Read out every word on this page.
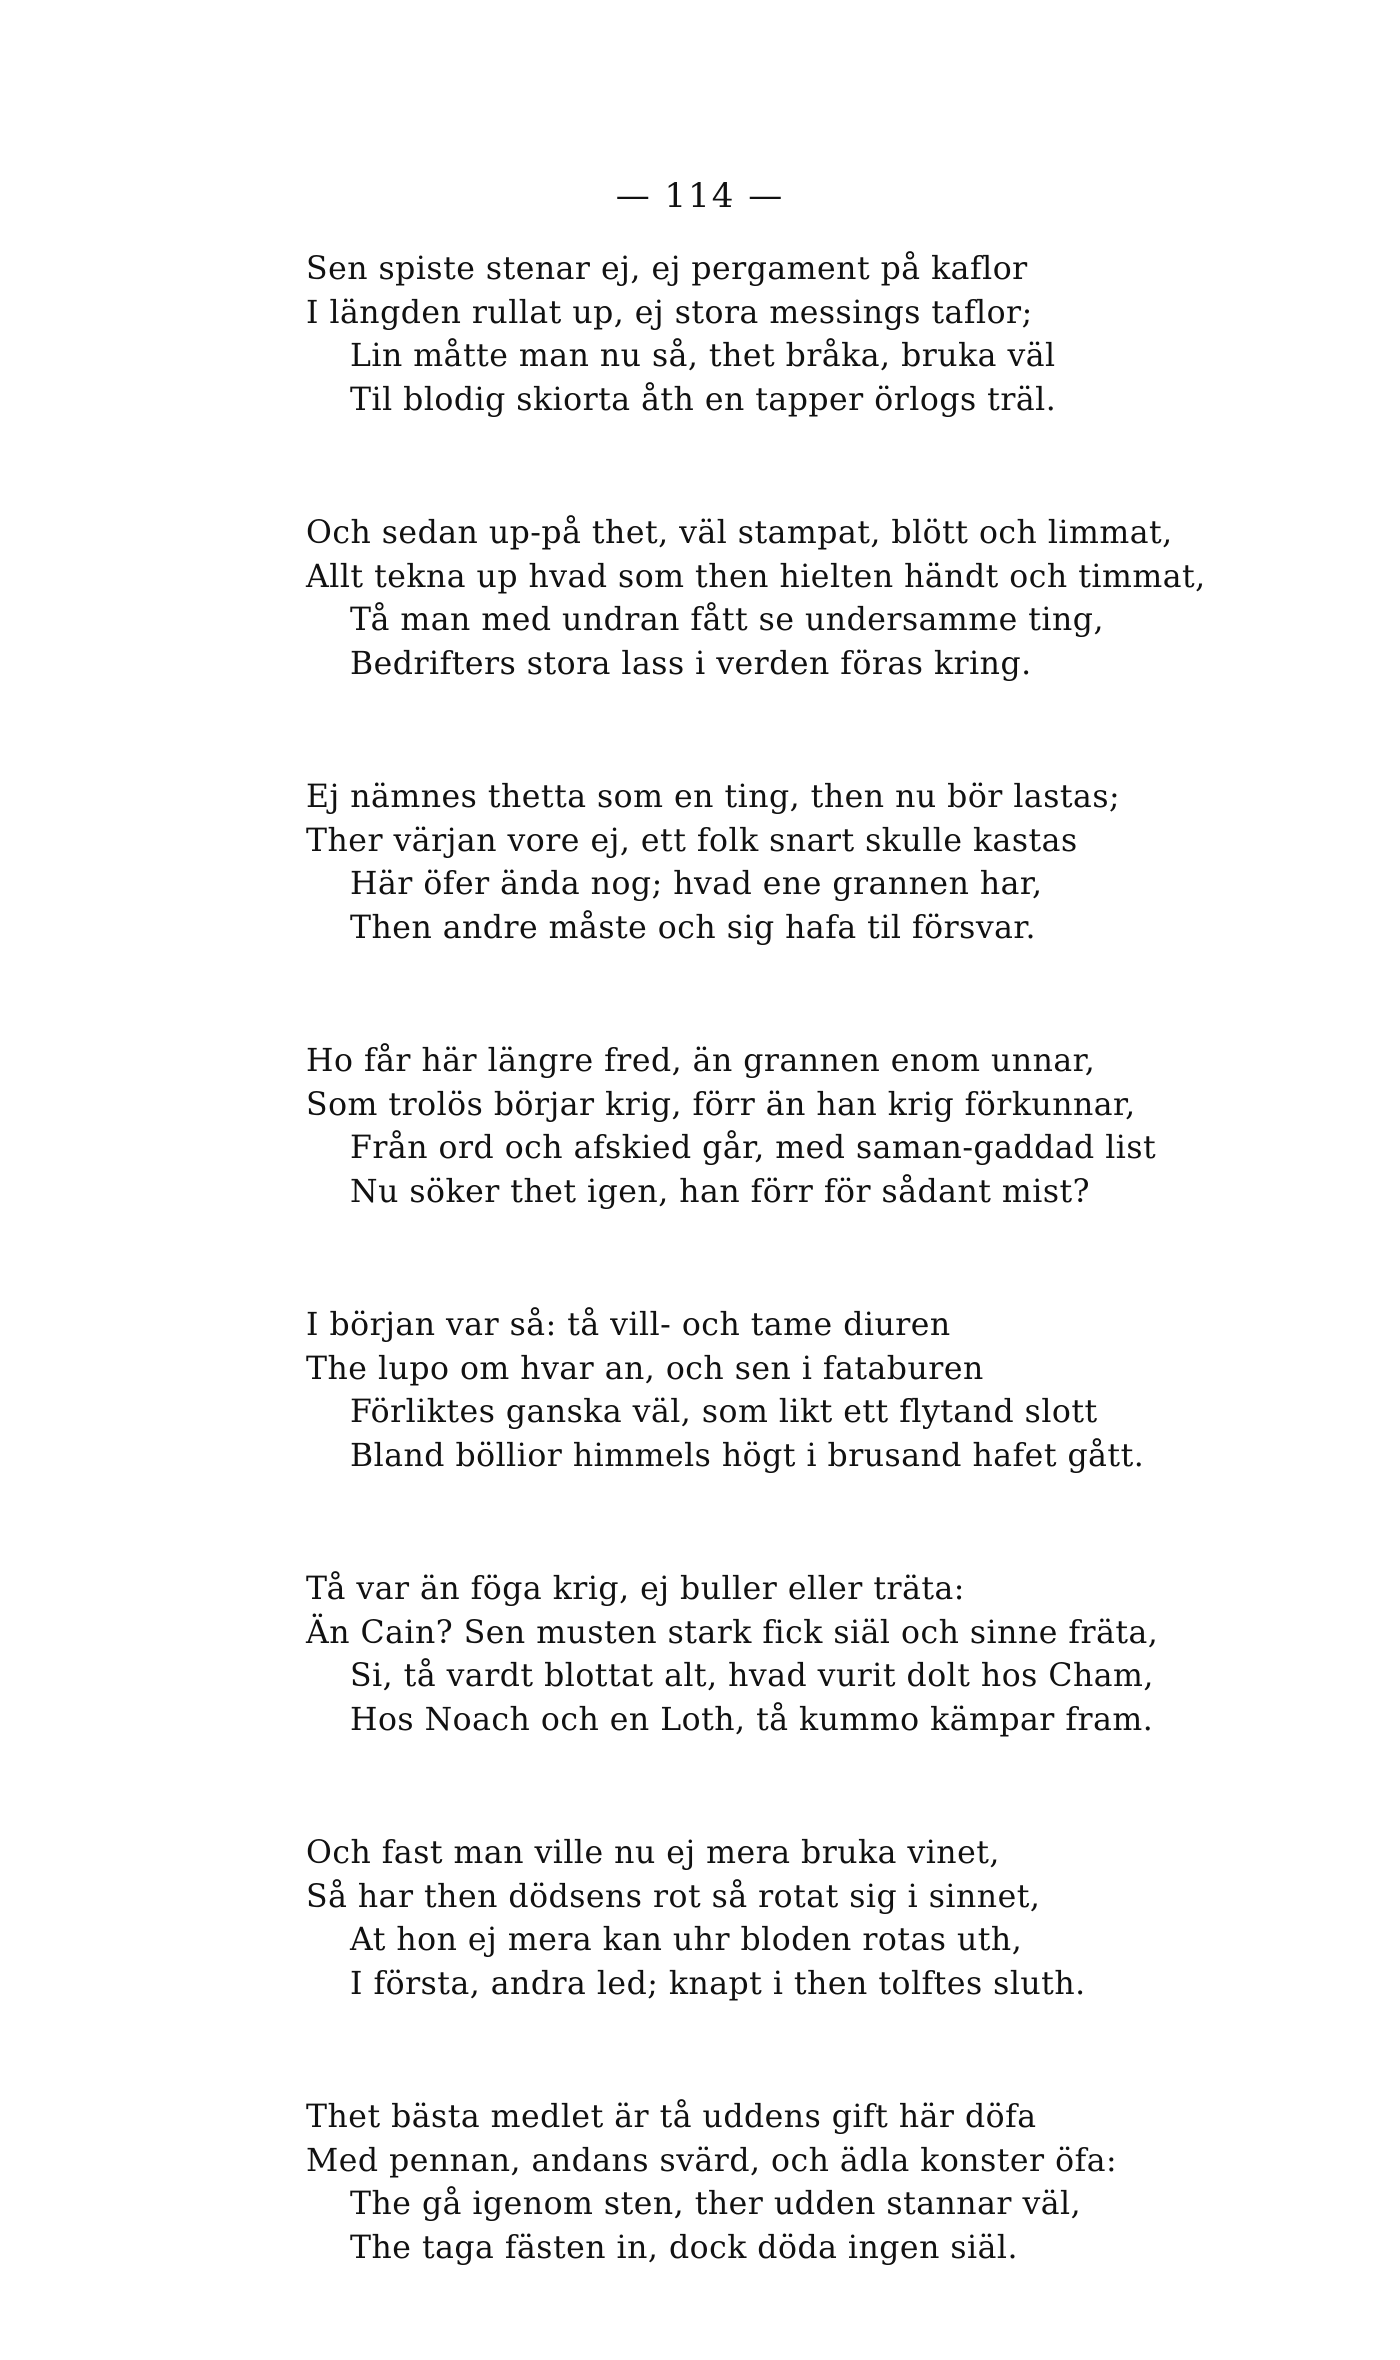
— 114 —
Sen spiste stenar ej, ej pergament på kaflor
I längden rullat up, ej stora messings taflor;
Lin måtte man nu så, thet bråka, bruka väl
Til blodig skiorta åth en tapper örlogs träl.
Och sedan up-på thet, väl stampat, blött och limmat,
Allt tekna up hvad som then hielten händt och timmat,
Tå man med undran fått se undersamme ting,
Bedrifters stora lass i verden föras kring.
Ej nämnes thetta som en ting, then nu bör lastas;
Ther värjan vore ej, ett folk snart skulle kastas
Här öfer ända nog; hvad ene grannen har,
Then andre måste och sig hafa til försvar.
Ho får här längre fred, än grannen enom unnar,
Som trolös börjar krig, förr än han krig förkunnar,
Från ord och afskied går, med saman-gaddad list
Nu söker thet igen, han förr för sådant mist?
I början var så: tå vill- och tame diuren
The lupo om hvar an, och sen i fataburen
Förliktes ganska väl, som likt ett flytand slott
Bland böllior himmels högt i brusand hafet gått.
Tå var än föga krig, ej buller eller träta:
Än Cain? Sen musten stark fick siäl och sinne fräta,
Si, tå vardt blottat alt, hvad vurit dolt hos Cham,
Hos Noach och en Loth, tå kummo kämpar fram.
Och fast man ville nu ej mera bruka vinet,
Så har then dödsens rot så rotat sig i sinnet,
At hon ej mera kan uhr bloden rotas uth,
I första, andra led; knapt i then tolftes sluth.
Thet bästa medlet är tå uddens gift här döfa
Med pennan, andans svärd, och ädla konster öfa:
The gå igenom sten, ther udden stannar väl,
The taga fästen in, dock döda ingen siäl.
